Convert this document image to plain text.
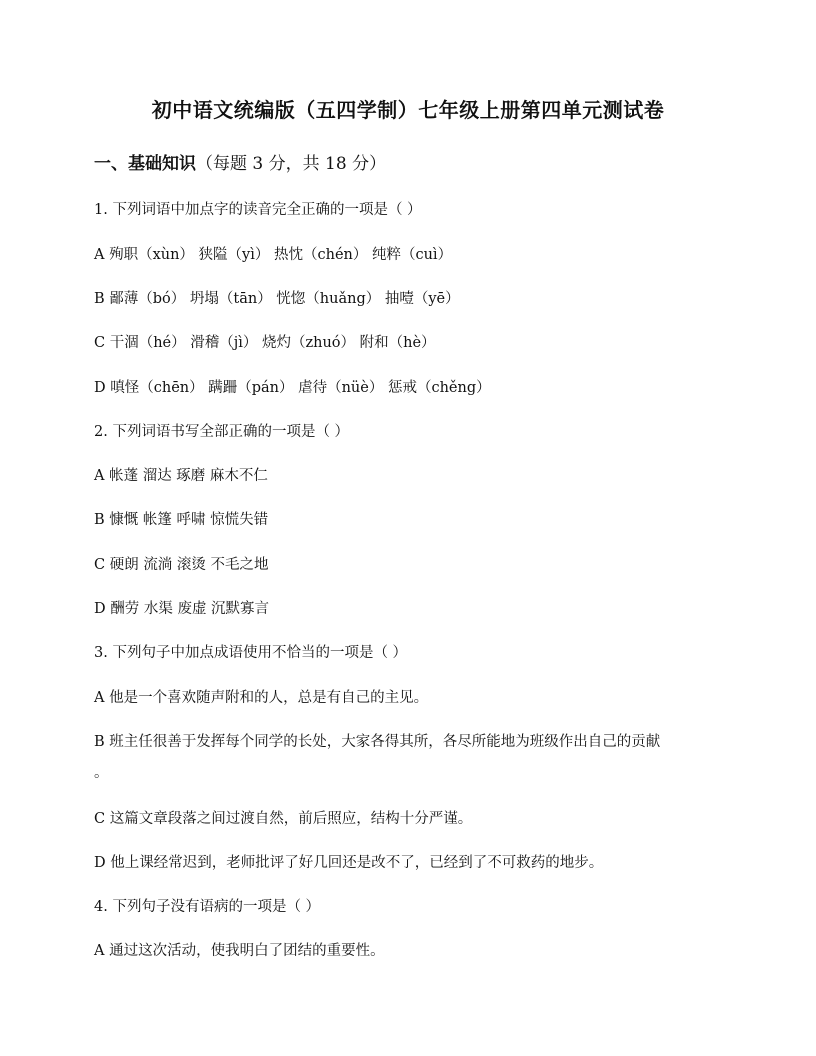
初中语文统编版（五四学制）七年级上册第四单元测试卷
一、基础知识（每题 3 分，共 18 分）
1. 下列词语中加点字的读音完全正确的一项是（ ）
A 殉职（xùn） 狭隘（yì） 热忱（chén） 纯粹（cuì）
B 鄙薄（bó） 坍塌（tān） 恍惚（huǎng） 抽噎（yē）
C 干涸（hé） 滑稽（jì） 烧灼（zhuó） 附和（hè）
D 嗔怪（chēn） 蹒跚（pán） 虐待（nüè） 惩戒（chěng）
2. 下列词语书写全部正确的一项是（ ）
A 帐蓬 溜达 琢磨 麻木不仁
B 慷慨 帐篷 呼啸 惊慌失错
C 硬朗 流淌 滚烫 不毛之地
D 酬劳 水渠 废虚 沉默寡言
3. 下列句子中加点成语使用不恰当的一项是（ ）
A 他是一个喜欢随声附和的人，总是有自己的主见。
B 班主任很善于发挥每个同学的长处，大家各得其所，各尽所能地为班级作出自己的贡献
。
C 这篇文章段落之间过渡自然，前后照应，结构十分严谨。
D 他上课经常迟到，老师批评了好几回还是改不了，已经到了不可救药的地步。
4. 下列句子没有语病的一项是（ ）
A 通过这次活动，使我明白了团结的重要性。
